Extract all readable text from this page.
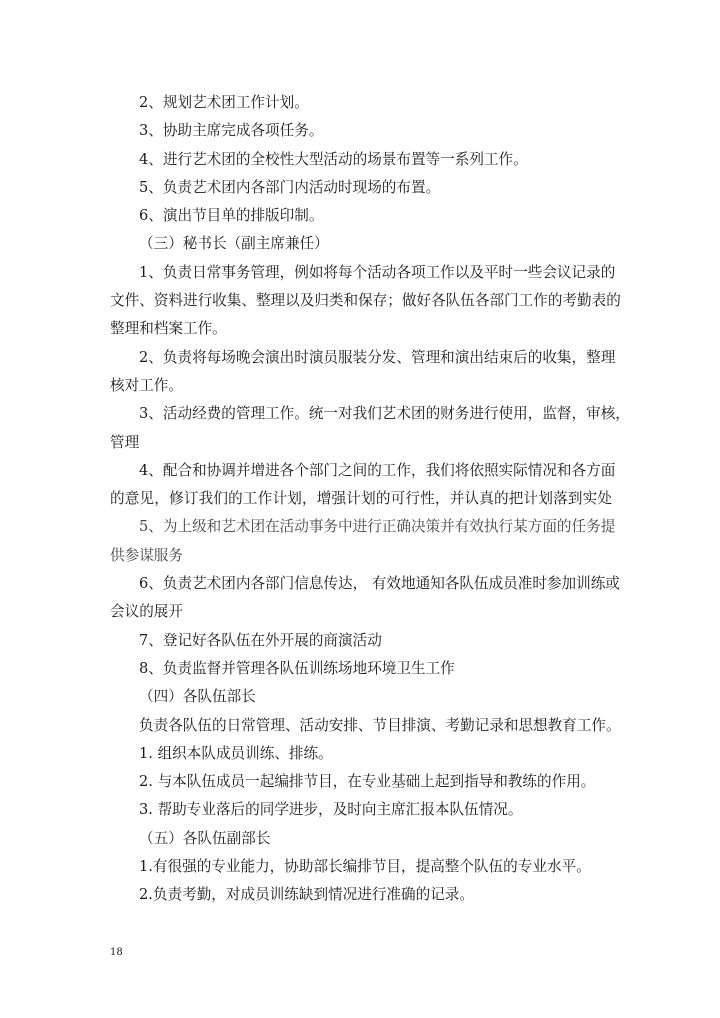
2、规划艺术团工作计划。
3、协助主席完成各项任务。
4、进行艺术团的全校性大型活动的场景布置等一系列工作。
5、负责艺术团内各部门内活动时现场的布置。
6、演出节目单的排版印制。
（三）秘书长（副主席兼任）
1、负责日常事务管理，例如将每个活动各项工作以及平时一些会议记录的
文件、资料进行收集、整理以及归类和保存；做好各队伍各部门工作的考勤表的
整理和档案工作。
2、负责将每场晚会演出时演员服装分发、管理和演出结束后的收集，整理
核对工作。
3、活动经费的管理工作。统一对我们艺术团的财务进行使用，监督，审核，
管理
4、配合和协调并增进各个部门之间的工作，我们将依照实际情况和各方面
的意见，修订我们的工作计划，增强计划的可行性，并认真的把计划落到实处
5、为上级和艺术团在活动事务中进行正确决策并有效执行某方面的任务提
供参谋服务
6、负责艺术团内各部门信息传达， 有效地通知各队伍成员准时参加训练或
会议的展开
7、登记好各队伍在外开展的商演活动
8、负责监督并管理各队伍训练场地环境卫生工作
（四）各队伍部长
负责各队伍的日常管理、活动安排、节目排演、考勤记录和思想教育工作。
1. 组织本队成员训练、排练。
2. 与本队伍成员一起编排节目，在专业基础上起到指导和教练的作用。
3. 帮助专业落后的同学进步，及时向主席汇报本队伍情况。
（五）各队伍副部长
1.有很强的专业能力，协助部长编排节目，提高整个队伍的专业水平。
2.负责考勤，对成员训练缺到情况进行准确的记录。
18
